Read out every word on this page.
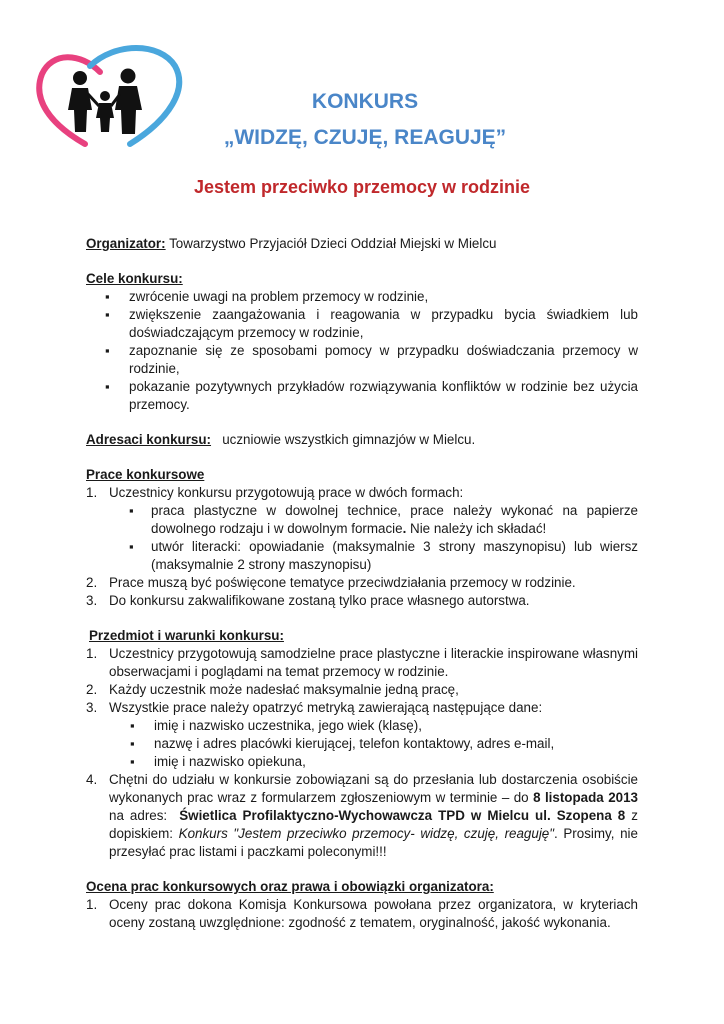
KONKURS
„WIDZĘ, CZUJĘ, REAGUJĘ”
Jestem przeciwko przemocy w rodzinie

Organizator: Towarzystwo Przyjaciół Dzieci Oddział Miejski w Mielcu

Cele konkursu:

▪ zwrócenie uwagi na problem przemocy w rodzinie,
▪ zwiększenie zaangażowania i reagowania w przypadku bycia świadkiem lub doświadczającym przemocy w rodzinie,
▪ zapoznanie się ze sposobami pomocy w przypadku doświadczania przemocy w rodzinie,
▪ pokazanie pozytywnych przykładów rozwiązywania konfliktów w rodzinie bez użycia przemocy.

Adresaci konkursu:   uczniowie wszystkich gimnazjów w Mielcu.

Prace konkursowe

1. Uczestnicy konkursu przygotowują prace w dwóch formach:
▪ praca plastyczne w dowolnej technice, prace należy wykonać na papierze dowolnego rodzaju i w dowolnym formacie. Nie należy ich składać!
▪ utwór literacki: opowiadanie (maksymalnie 3 strony maszynopisu) lub wiersz (maksymalnie 2 strony maszynopisu)
2. Prace muszą być poświęcone tematyce przeciwdziałania przemocy w rodzinie.
3. Do konkursu zakwalifikowane zostaną tylko prace własnego autorstwa.

Przedmiot i warunki konkursu:

1. Uczestnicy przygotowują samodzielne prace plastyczne i literackie inspirowane własnymi obserwacjami i poglądami na temat przemocy w rodzinie.
2. Każdy uczestnik może nadesłać maksymalnie jedną pracę,
3. Wszystkie prace należy opatrzyć metryką zawierającą następujące dane:
▪ imię i nazwisko uczestnika, jego wiek (klasę),
▪ nazwę i adres placówki kierującej, telefon kontaktowy, adres e-mail,
▪ imię i nazwisko opiekuna,
4. Chętni do udziału w konkursie zobowiązani są do przesłania lub dostarczenia osobiście wykonanych prac wraz z formularzem zgłoszeniowym w terminie – do 8 listopada 2013 na adres:  Świetlica Profilaktyczno-Wychowawcza TPD w Mielcu ul. Szopena 8 z dopiskiem: Konkurs "Jestem przeciwko przemocy- widzę, czuję, reaguję". Prosimy, nie przesyłać prac listami i paczkami poleconymi!!!

Ocena prac konkursowych oraz prawa i obowiązki organizatora:

1. Oceny prac dokona Komisja Konkursowa powołana przez organizatora, w kryteriach oceny zostaną uwzględnione: zgodność z tematem, oryginalność, jakość wykonania.
